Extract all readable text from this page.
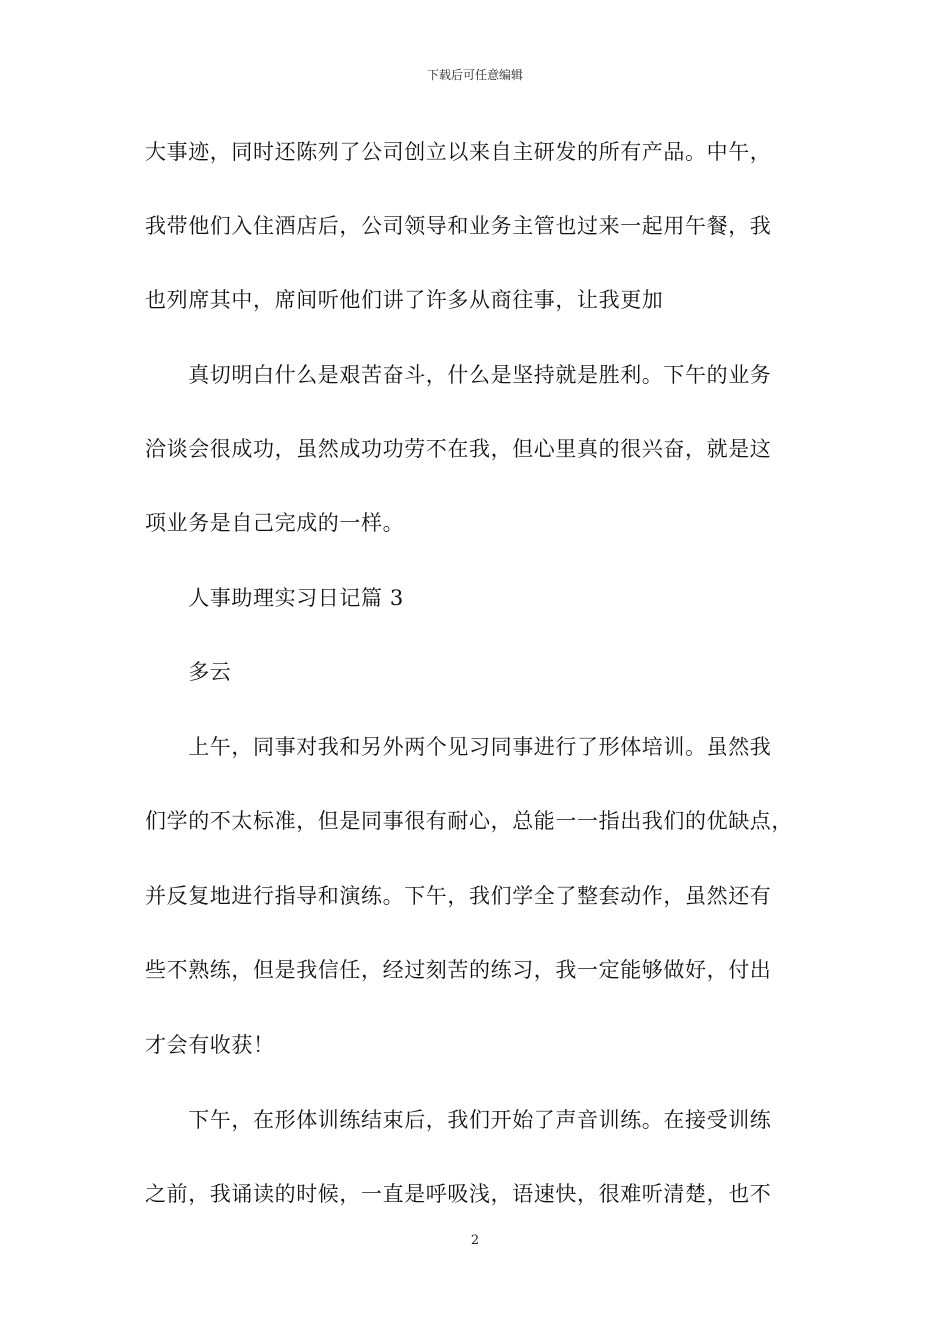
下载后可任意编辑
大事迹，同时还陈列了公司创立以来自主研发的所有产品。中午，
我带他们入住酒店后，公司领导和业务主管也过来一起用午餐，我
也列席其中，席间听他们讲了许多从商往事，让我更加
　　真切明白什么是艰苦奋斗，什么是坚持就是胜利。下午的业务
洽谈会很成功，虽然成功功劳不在我，但心里真的很兴奋，就是这
项业务是自己完成的一样。
　　人事助理实习日记篇 3
　　多云
　　上午，同事对我和另外两个见习同事进行了形体培训。虽然我
们学的不太标准，但是同事很有耐心，总能一一指出我们的优缺点，
并反复地进行指导和演练。下午，我们学全了整套动作，虽然还有
些不熟练，但是我信任，经过刻苦的练习，我一定能够做好，付出
才会有收获！
　　下午，在形体训练结束后，我们开始了声音训练。在接受训练
之前，我诵读的时候，一直是呼吸浅，语速快，很难听清楚，也不
2
